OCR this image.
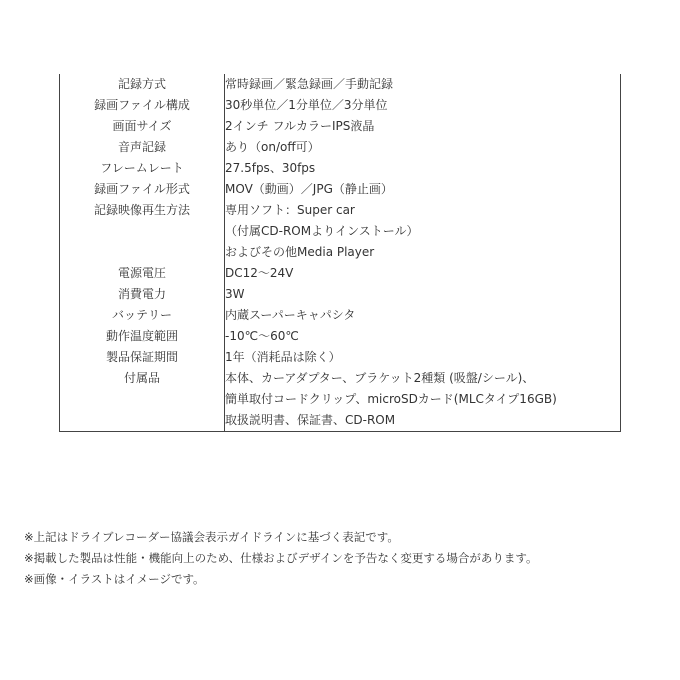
記録方式	常時録画／緊急録画／手動記録

録画ファイル構成	30秒単位／1分単位／3分単位

画面サイズ	2インチ フルカラーIPS液晶

音声記録	あり（on/off可）

フレームレート	27.5fps、30fps

録画ファイル形式	MOV（動画）／JPG（静止画）

記録映像再生方法	専用ソフト：Super car
（付属CD-ROMよりインストール）
およびその他Media Player

電源電圧	DC12～24V

消費電力	3W

バッテリー	内蔵スーパーキャパシタ

動作温度範囲	-10℃～60℃

製品保証期間	1年（消耗品は除く）

付属品	本体、カーアダプター、ブラケット2種類 (吸盤/シール)、
簡単取付コードクリップ、microSDカード(MLCタイプ16GB)
取扱説明書、保証書、CD-ROM
※上記はドライブレコーダー協議会表示ガイドラインに基づく表記です。
※掲載した製品は性能・機能向上のため、仕様およびデザインを予告なく変更する場合があります。
※画像・イラストはイメージです。
